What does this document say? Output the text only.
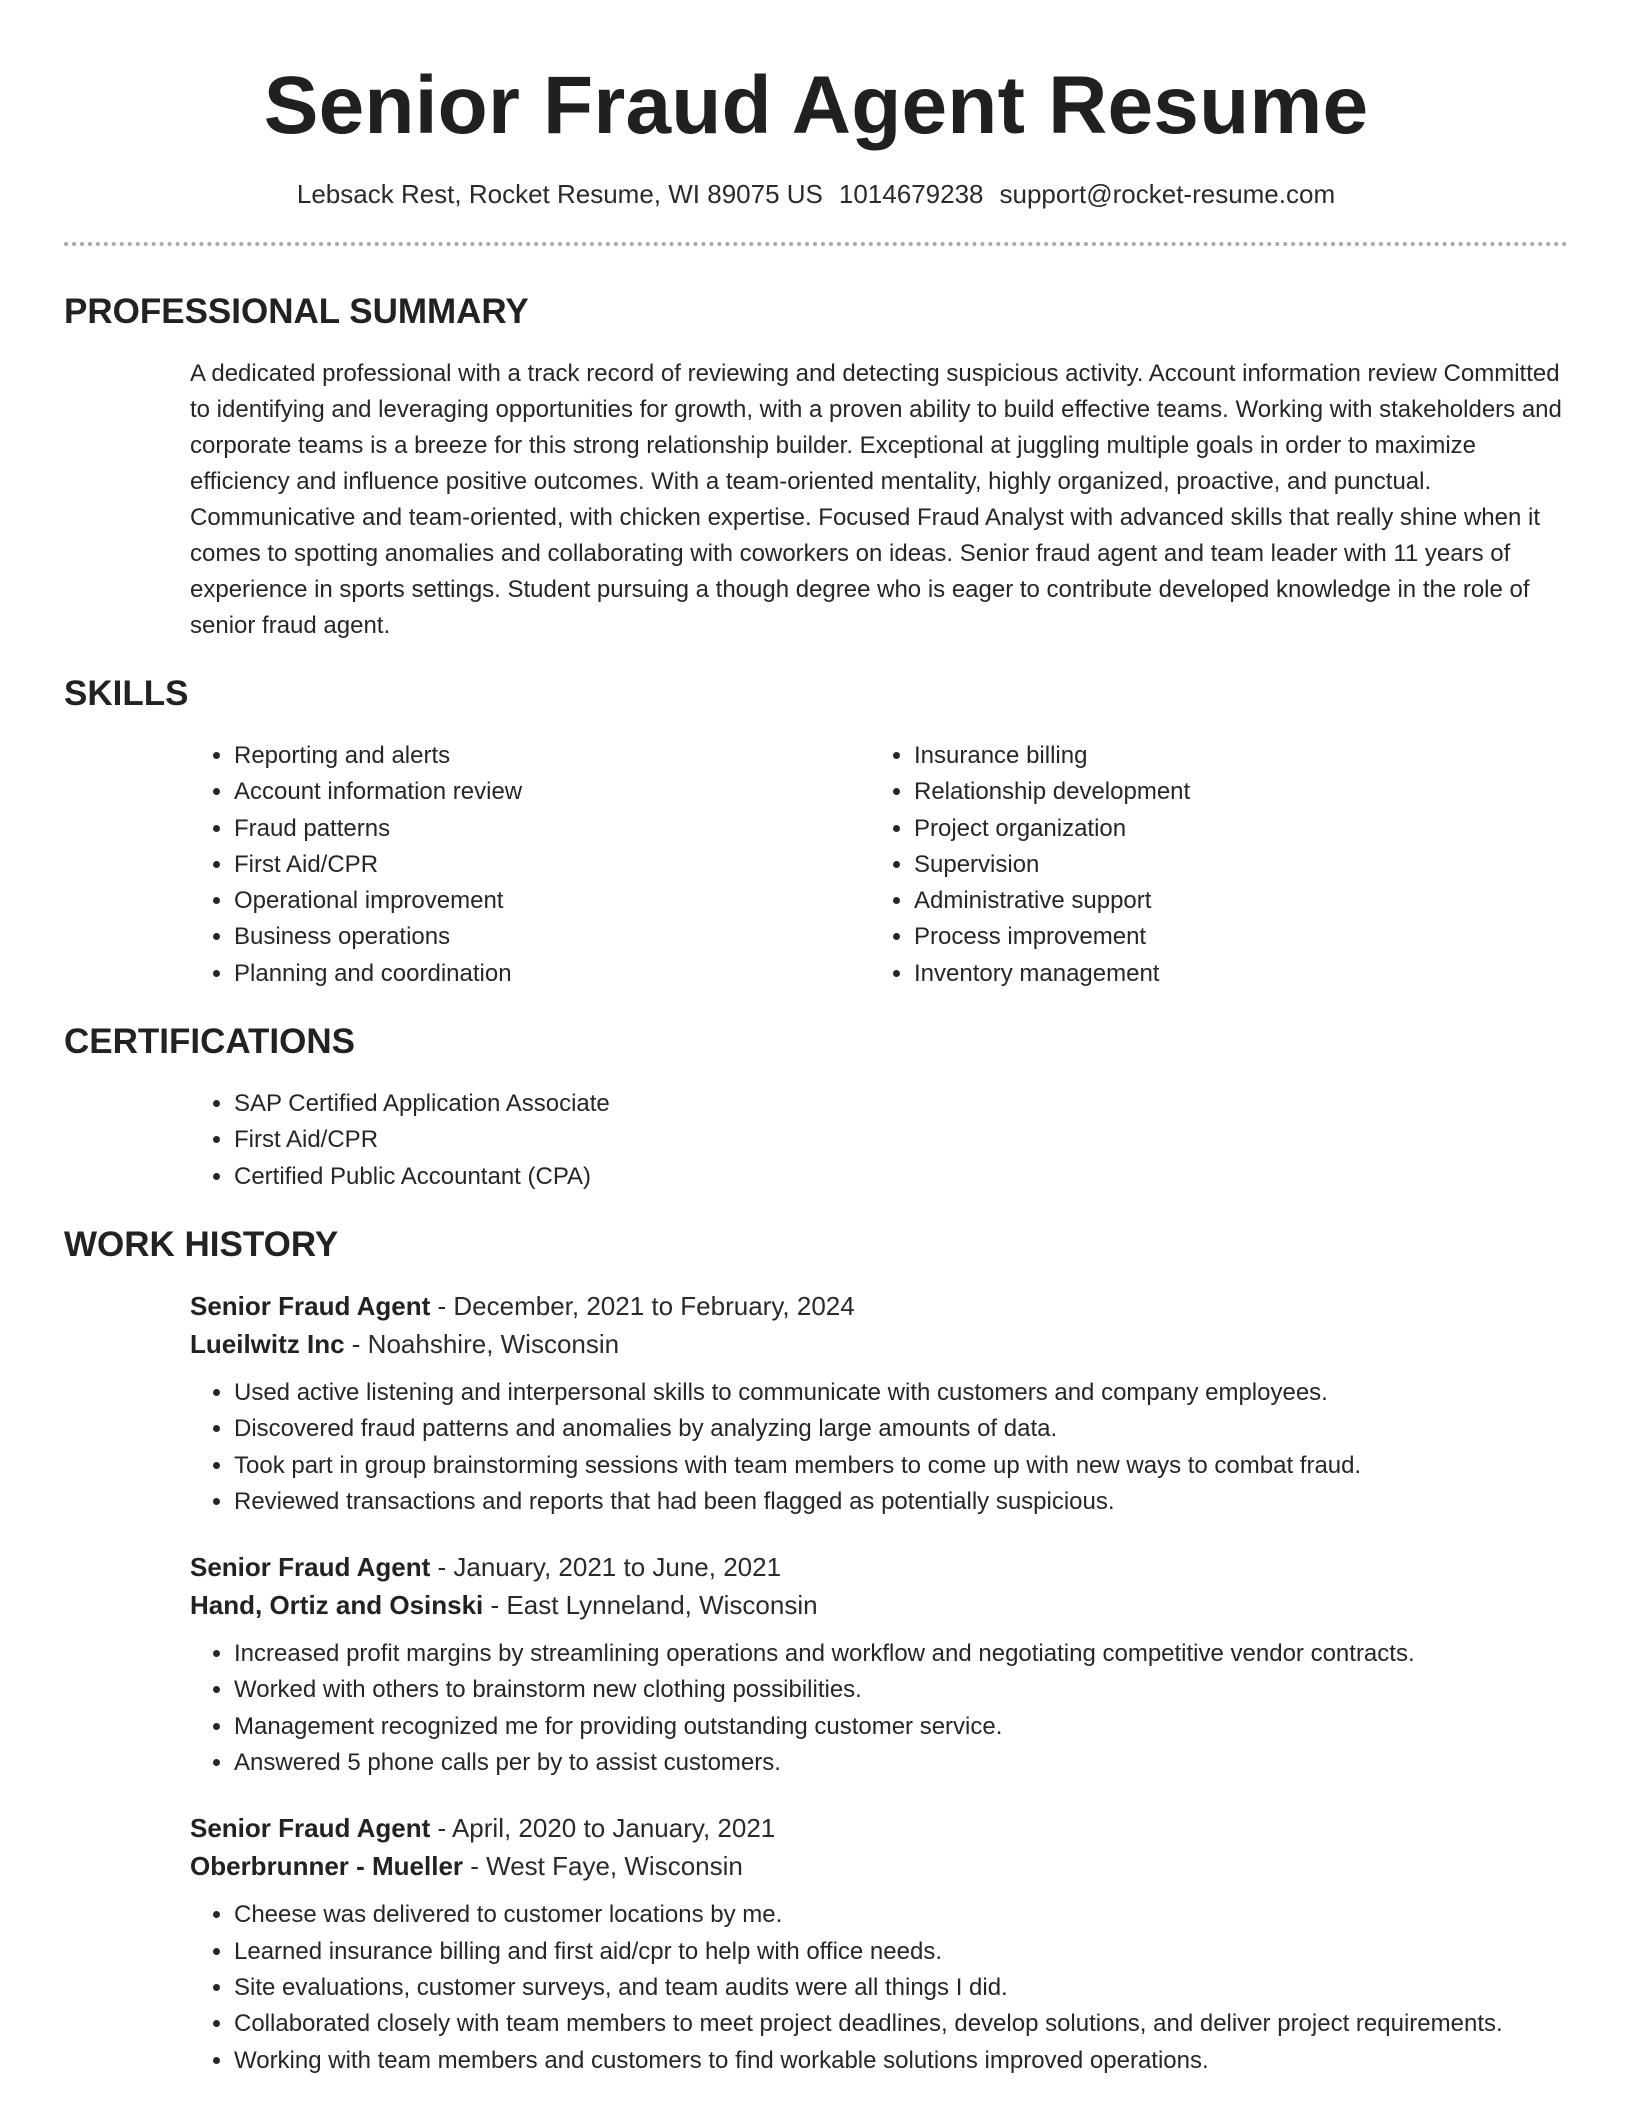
Senior Fraud Agent Resume
Lebsack Rest, Rocket Resume, WI 89075 US 1014679238 support@rocket-resume.com
PROFESSIONAL SUMMARY

A dedicated professional with a track record of reviewing and detecting suspicious activity. Account information review Committed to identifying and leveraging opportunities for growth, with a proven ability to build effective teams. Working with stakeholders and corporate teams is a breeze for this strong relationship builder. Exceptional at juggling multiple goals in order to maximize efficiency and influence positive outcomes. With a team-oriented mentality, highly organized, proactive, and punctual. Communicative and team-oriented, with chicken expertise. Focused Fraud Analyst with advanced skills that really shine when it comes to spotting anomalies and collaborating with coworkers on ideas. Senior fraud agent and team leader with 11 years of experience in sports settings. Student pursuing a though degree who is eager to contribute developed knowledge in the role of senior fraud agent.

SKILLS
• Reporting and alerts
• Account information review
• Fraud patterns
• First Aid/CPR
• Operational improvement
• Business operations
• Planning and coordination
• Insurance billing
• Relationship development
• Project organization
• Supervision
• Administrative support
• Process improvement
• Inventory management
CERTIFICATIONS
• SAP Certified Application Associate
• First Aid/CPR
• Certified Public Accountant (CPA)
WORK HISTORY
Senior Fraud Agent - December, 2021 to February, 2024
Lueilwitz Inc - Noahshire, Wisconsin
• Used active listening and interpersonal skills to communicate with customers and company employees.
• Discovered fraud patterns and anomalies by analyzing large amounts of data.
• Took part in group brainstorming sessions with team members to come up with new ways to combat fraud.
• Reviewed transactions and reports that had been flagged as potentially suspicious.
Senior Fraud Agent - January, 2021 to June, 2021
Hand, Ortiz and Osinski - East Lynneland, Wisconsin
• Increased profit margins by streamlining operations and workflow and negotiating competitive vendor contracts.
• Worked with others to brainstorm new clothing possibilities.
• Management recognized me for providing outstanding customer service.
• Answered 5 phone calls per by to assist customers.
Senior Fraud Agent - April, 2020 to January, 2021
Oberbrunner - Mueller - West Faye, Wisconsin
• Cheese was delivered to customer locations by me.
• Learned insurance billing and first aid/cpr to help with office needs.
• Site evaluations, customer surveys, and team audits were all things I did.
• Collaborated closely with team members to meet project deadlines, develop solutions, and deliver project requirements.
• Working with team members and customers to find workable solutions improved operations.
